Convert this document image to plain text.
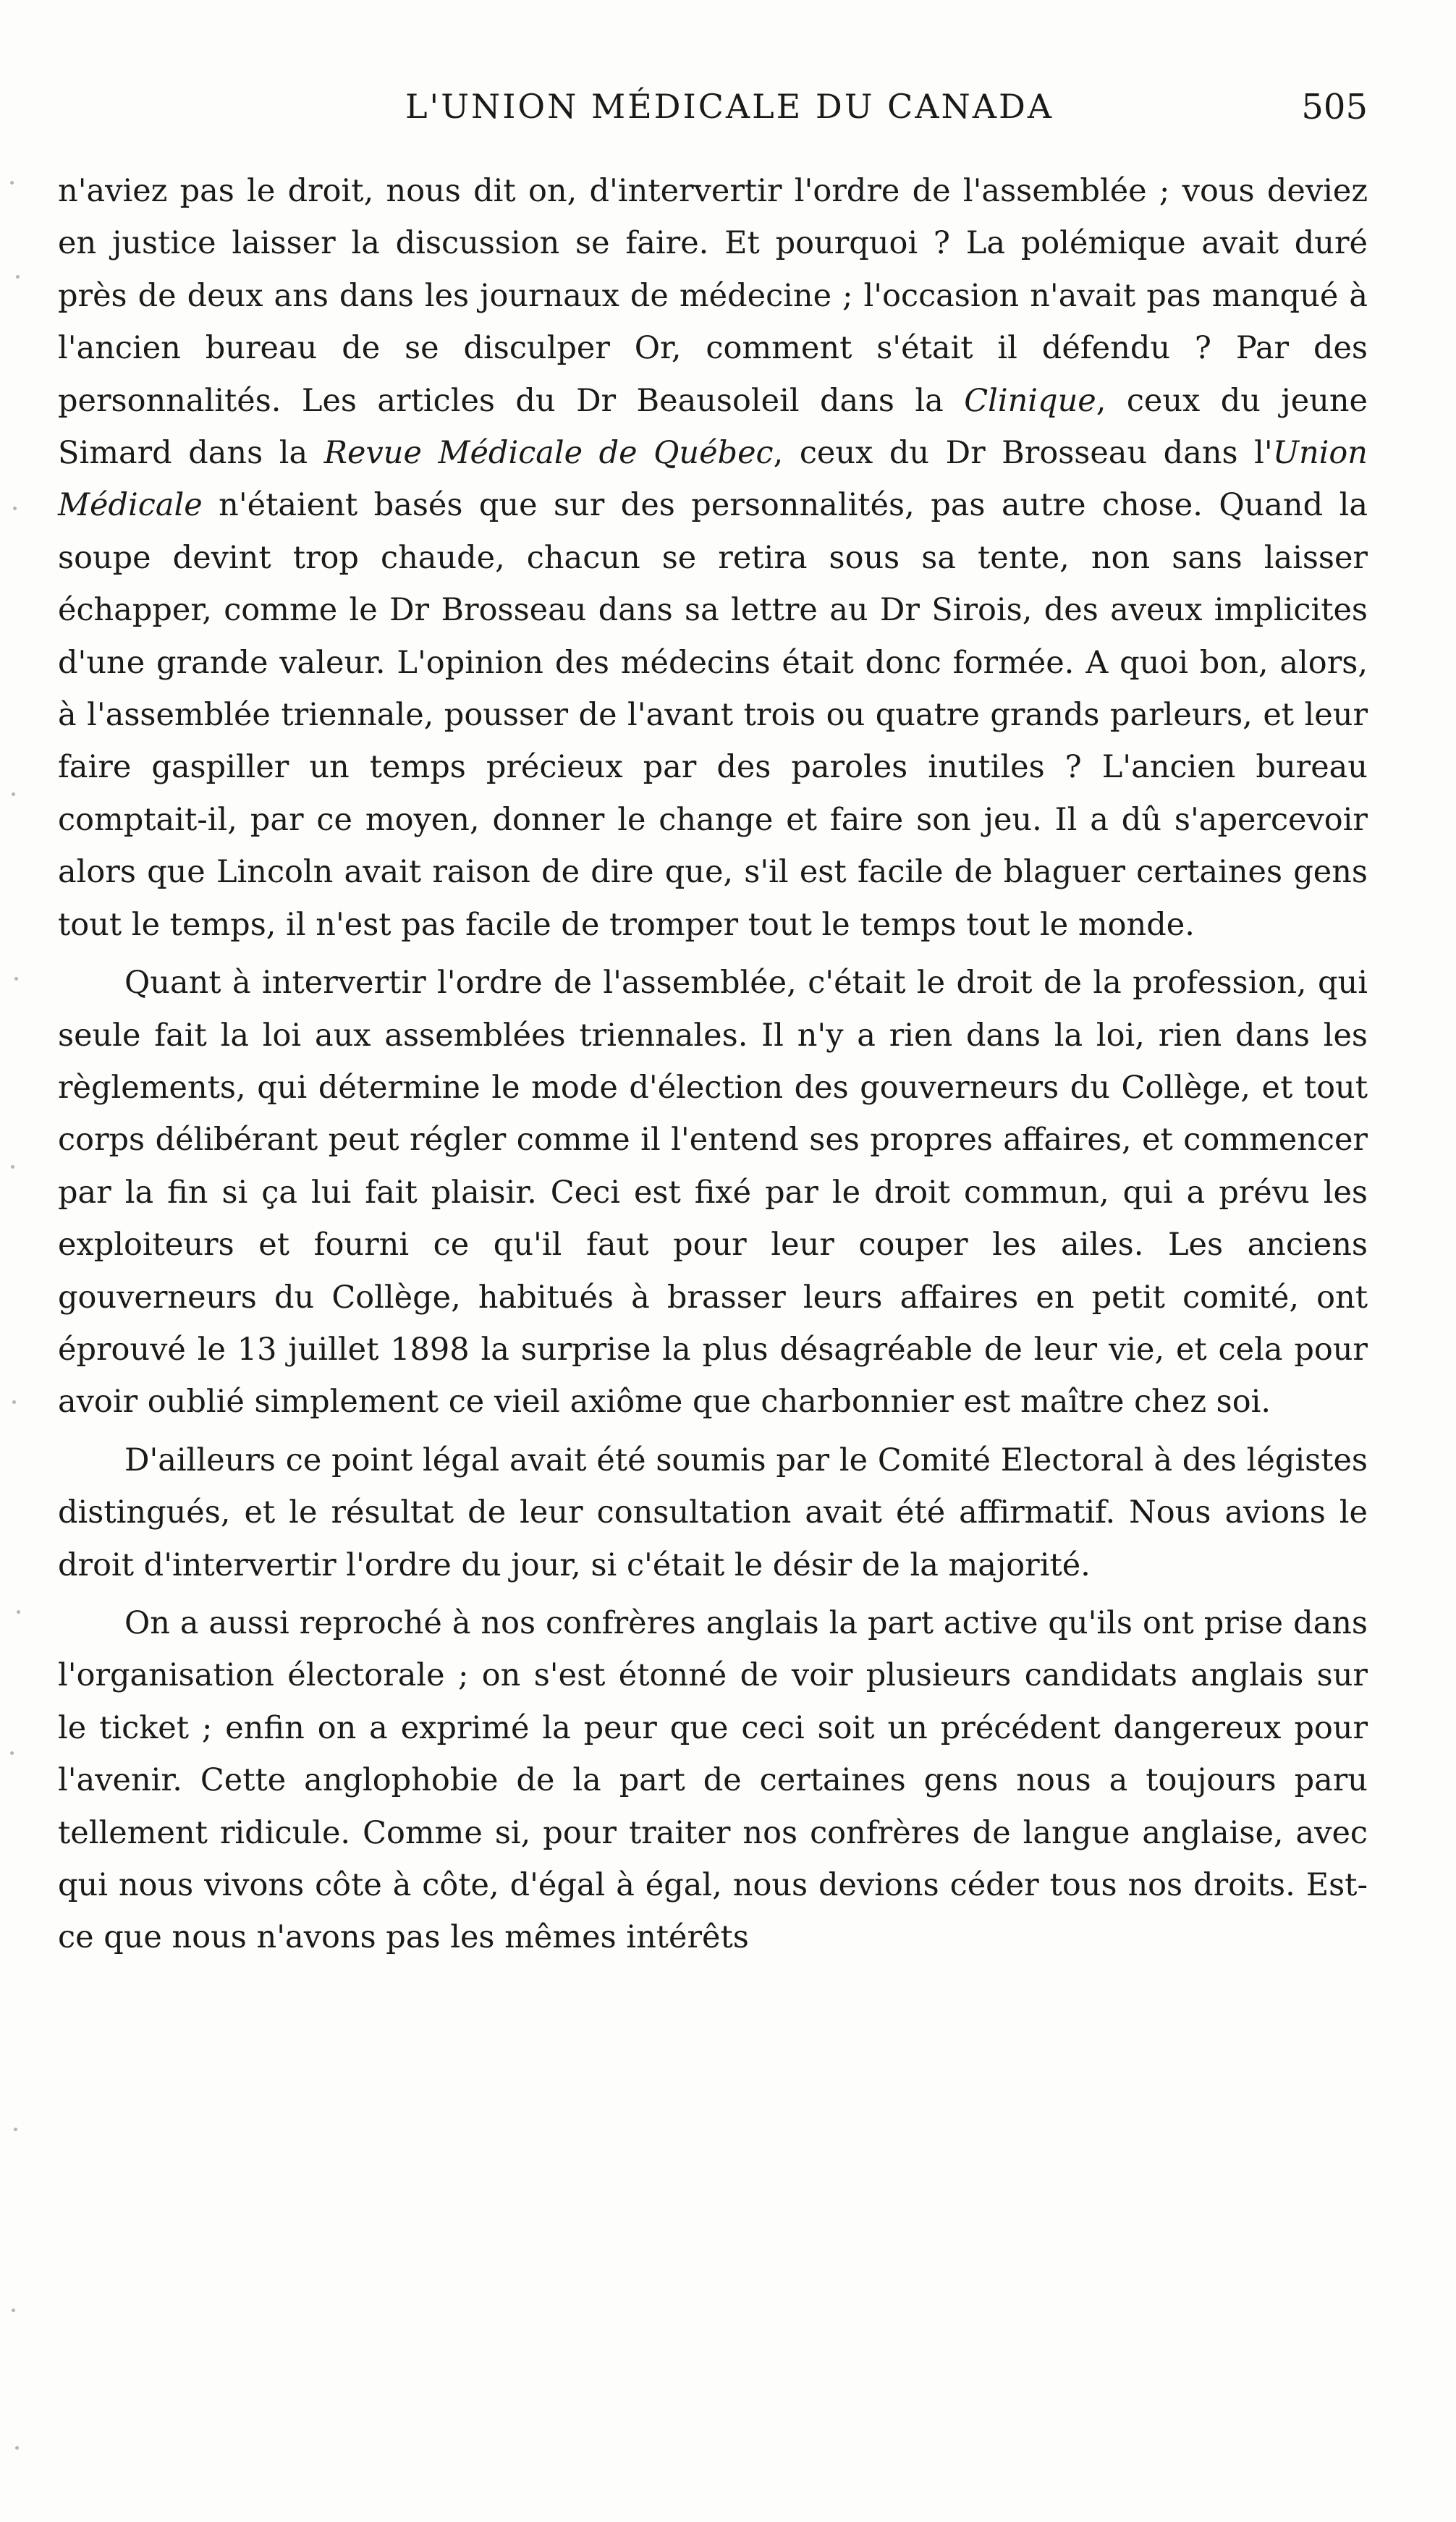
L'UNION MÉDICALE DU CANADA	505

n'aviez pas le droit, nous dit on, d'intervertir l'ordre de l'assemblée ; vous deviez en justice laisser la discussion se faire. Et pourquoi ? La polémique avait duré près de deux ans dans les journaux de médecine ; l'occasion n'avait pas manqué à l'ancien bureau de se disculper Or, comment s'était il défendu ? Par des personnalités. Les articles du Dr Beausoleil dans la Clinique, ceux du jeune Simard dans la Revue Médicale de Québec, ceux du Dr Brosseau dans l'Union Médicale n'étaient basés que sur des personnalités, pas autre chose. Quand la soupe devint trop chaude, chacun se retira sous sa tente, non sans laisser échapper, comme le Dr Brosseau dans sa lettre au Dr Sirois, des aveux implicites d'une grande valeur. L'opinion des médecins était donc formée. A quoi bon, alors, à l'assemblée triennale, pousser de l'avant trois ou quatre grands parleurs, et leur faire gaspiller un temps précieux par des paroles inutiles ? L'ancien bureau comptait-il, par ce moyen, donner le change et faire son jeu. Il a dû s'apercevoir alors que Lincoln avait raison de dire que, s'il est facile de blaguer certaines gens tout le temps, il n'est pas facile de tromper tout le temps tout le monde.

Quant à intervertir l'ordre de l'assemblée, c'était le droit de la profession, qui seule fait la loi aux assemblées triennales. Il n'y a rien dans la loi, rien dans les règlements, qui détermine le mode d'élection des gouverneurs du Collège, et tout corps délibérant peut régler comme il l'entend ses propres affaires, et commencer par la fin si ça lui fait plaisir. Ceci est fixé par le droit commun, qui a prévu les exploiteurs et fourni ce qu'il faut pour leur couper les ailes. Les anciens gouverneurs du Collège, habitués à brasser leurs affaires en petit comité, ont éprouvé le 13 juillet 1898 la surprise la plus désagréable de leur vie, et cela pour avoir oublié simplement ce vieil axiôme que charbonnier est maître chez soi.

D'ailleurs ce point légal avait été soumis par le Comité Electoral à des légistes distingués, et le résultat de leur consultation avait été affirmatif. Nous avions le droit d'intervertir l'ordre du jour, si c'était le désir de la majorité.

On a aussi reproché à nos confrères anglais la part active qu'ils ont prise dans l'organisation électorale ; on s'est étonné de voir plusieurs candidats anglais sur le ticket ; enfin on a exprimé la peur que ceci soit un précédent dangereux pour l'avenir. Cette anglophobie de la part de certaines gens nous a toujours paru tellement ridicule. Comme si, pour traiter nos confrères de langue anglaise, avec qui nous vivons côte à côte, d'égal à égal, nous devions céder tous nos droits. Est-ce que nous n'avons pas les mêmes intérêts
